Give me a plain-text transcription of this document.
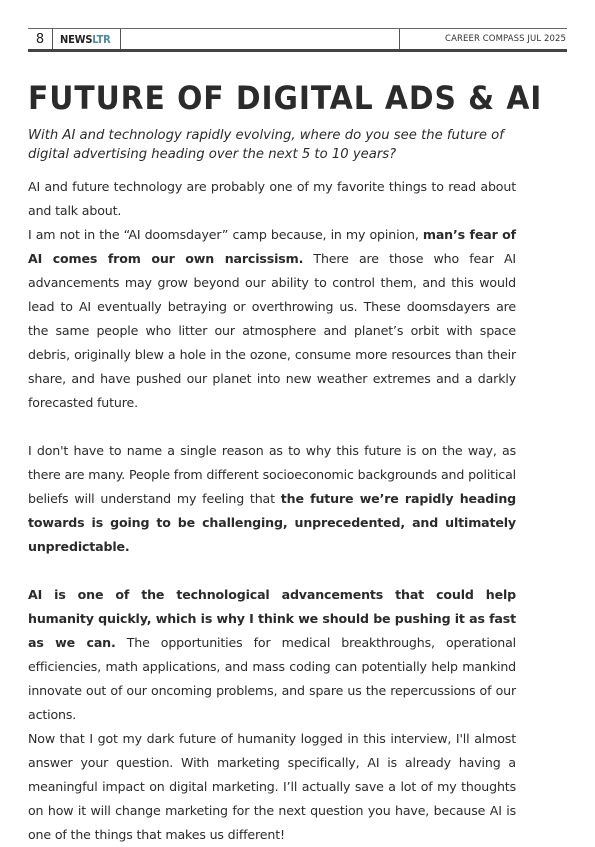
8	NEWS LTR	CAREER COMPASS JUL 2025
FUTURE OF DIGITAL ADS & AI

With AI and technology rapidly evolving, where do you see the future of digital advertising heading over the next 5 to 10 years?

AI and future technology are probably one of my favorite things to read about and talk about.

I am not in the “AI doomsdayer” camp because, in my opinion, man’s fear of AI comes from our own narcissism. There are those who fear AI advancements may grow beyond our ability to control them, and this would lead to AI eventually betraying or overthrowing us. These doomsdayers are the same people who litter our atmosphere and planet’s orbit with space debris, originally blew a hole in the ozone, consume more resources than their share, and have pushed our planet into new weather extremes and a darkly forecasted future.

I don't have to name a single reason as to why this future is on the way, as there are many. People from different socioeconomic backgrounds and political beliefs will understand my feeling that the future we’re rapidly heading towards is going to be challenging, unprecedented, and ultimately unpredictable.

AI is one of the technological advancements that could help humanity quickly, which is why I think we should be pushing it as fast as we can. The opportunities for medical breakthroughs, operational efficiencies, math applications, and mass coding can potentially help mankind innovate out of our oncoming problems, and spare us the repercussions of our actions.

Now that I got my dark future of humanity logged in this interview, I'll almost answer your question. With marketing specifically, AI is already having a meaningful impact on digital marketing. I’ll actually save a lot of my thoughts on how it will change marketing for the next question you have, because AI is one of the things that makes us different!
